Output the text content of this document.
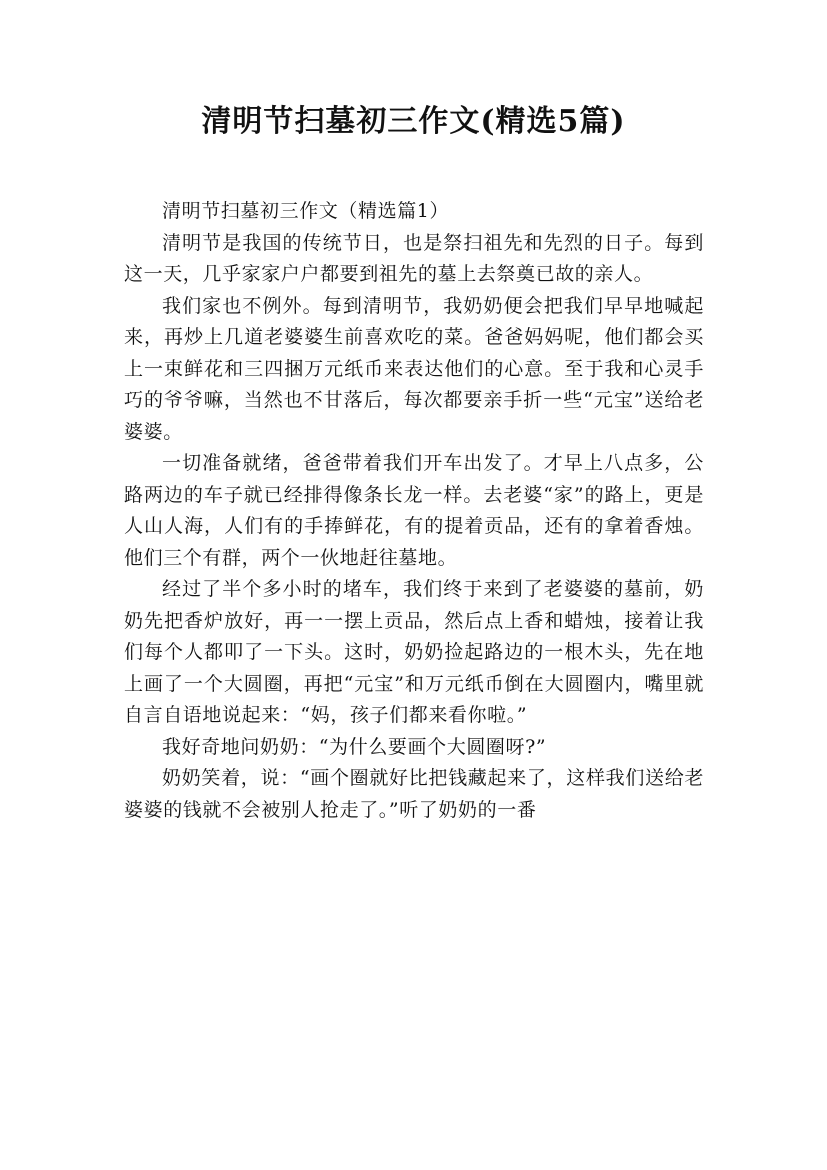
清明节扫墓初三作文(精选5篇)

清明节扫墓初三作文（精选篇1）

清明节是我国的传统节日，也是祭扫祖先和先烈的日子。每到这一天，几乎家家户户都要到祖先的墓上去祭奠已故的亲人。

我们家也不例外。每到清明节，我奶奶便会把我们早早地喊起来，再炒上几道老婆婆生前喜欢吃的菜。爸爸妈妈呢，他们都会买上一束鲜花和三四捆万元纸币来表达他们的心意。至于我和心灵手巧的爷爷嘛，当然也不甘落后，每次都要亲手折一些“元宝”送给老婆婆。

一切准备就绪，爸爸带着我们开车出发了。才早上八点多，公路两边的车子就已经排得像条长龙一样。去老婆“家”的路上，更是人山人海，人们有的手捧鲜花，有的提着贡品，还有的拿着香烛。他们三个有群，两个一伙地赶往墓地。

经过了半个多小时的堵车，我们终于来到了老婆婆的墓前，奶奶先把香炉放好，再一一摆上贡品，然后点上香和蜡烛，接着让我们每个人都叩了一下头。这时，奶奶捡起路边的一根木头，先在地上画了一个大圆圈，再把“元宝”和万元纸币倒在大圆圈内，嘴里就自言自语地说起来：“妈，孩子们都来看你啦。”

我好奇地问奶奶：“为什么要画个大圆圈呀?”

奶奶笑着，说：“画个圈就好比把钱藏起来了，这样我们送给老婆婆的钱就不会被别人抢走了。”听了奶奶的一番
